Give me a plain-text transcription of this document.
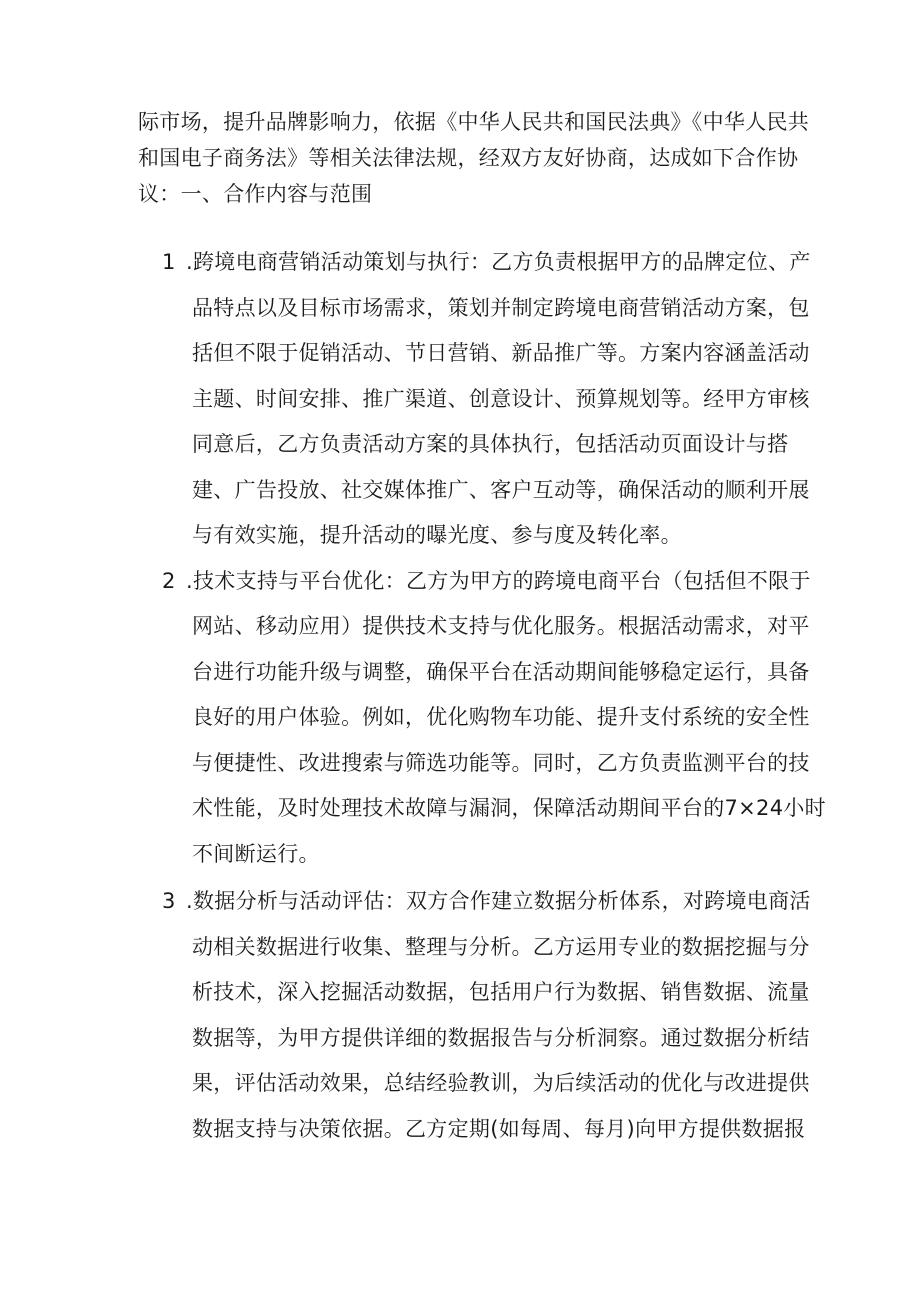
际市场，提升品牌影响力，依据《中华人民共和国民法典》《中华人民共
和国电子商务法》等相关法律法规，经双方友好协商，达成如下合作协
议：一、合作内容与范围

1 .跨境电商营销活动策划与执行：乙方负责根据甲方的品牌定位、产
品特点以及目标市场需求，策划并制定跨境电商营销活动方案，包
括但不限于促销活动、节日营销、新品推广等。方案内容涵盖活动
主题、时间安排、推广渠道、创意设计、预算规划等。经甲方审核
同意后，乙方负责活动方案的具体执行，包括活动页面设计与搭
建、广告投放、社交媒体推广、客户互动等，确保活动的顺利开展
与有效实施，提升活动的曝光度、参与度及转化率。
2 .技术支持与平台优化：乙方为甲方的跨境电商平台（包括但不限于
网站、移动应用）提供技术支持与优化服务。根据活动需求，对平
台进行功能升级与调整，确保平台在活动期间能够稳定运行，具备
良好的用户体验。例如，优化购物车功能、提升支付系统的安全性
与便捷性、改进搜索与筛选功能等。同时，乙方负责监测平台的技
术性能，及时处理技术故障与漏洞，保障活动期间平台的7×24小时
不间断运行。
3 .数据分析与活动评估：双方合作建立数据分析体系，对跨境电商活
动相关数据进行收集、整理与分析。乙方运用专业的数据挖掘与分
析技术，深入挖掘活动数据，包括用户行为数据、销售数据、流量
数据等，为甲方提供详细的数据报告与分析洞察。通过数据分析结
果，评估活动效果，总结经验教训，为后续活动的优化与改进提供
数据支持与决策依据。乙方定期(如每周、每月)向甲方提供数据报
